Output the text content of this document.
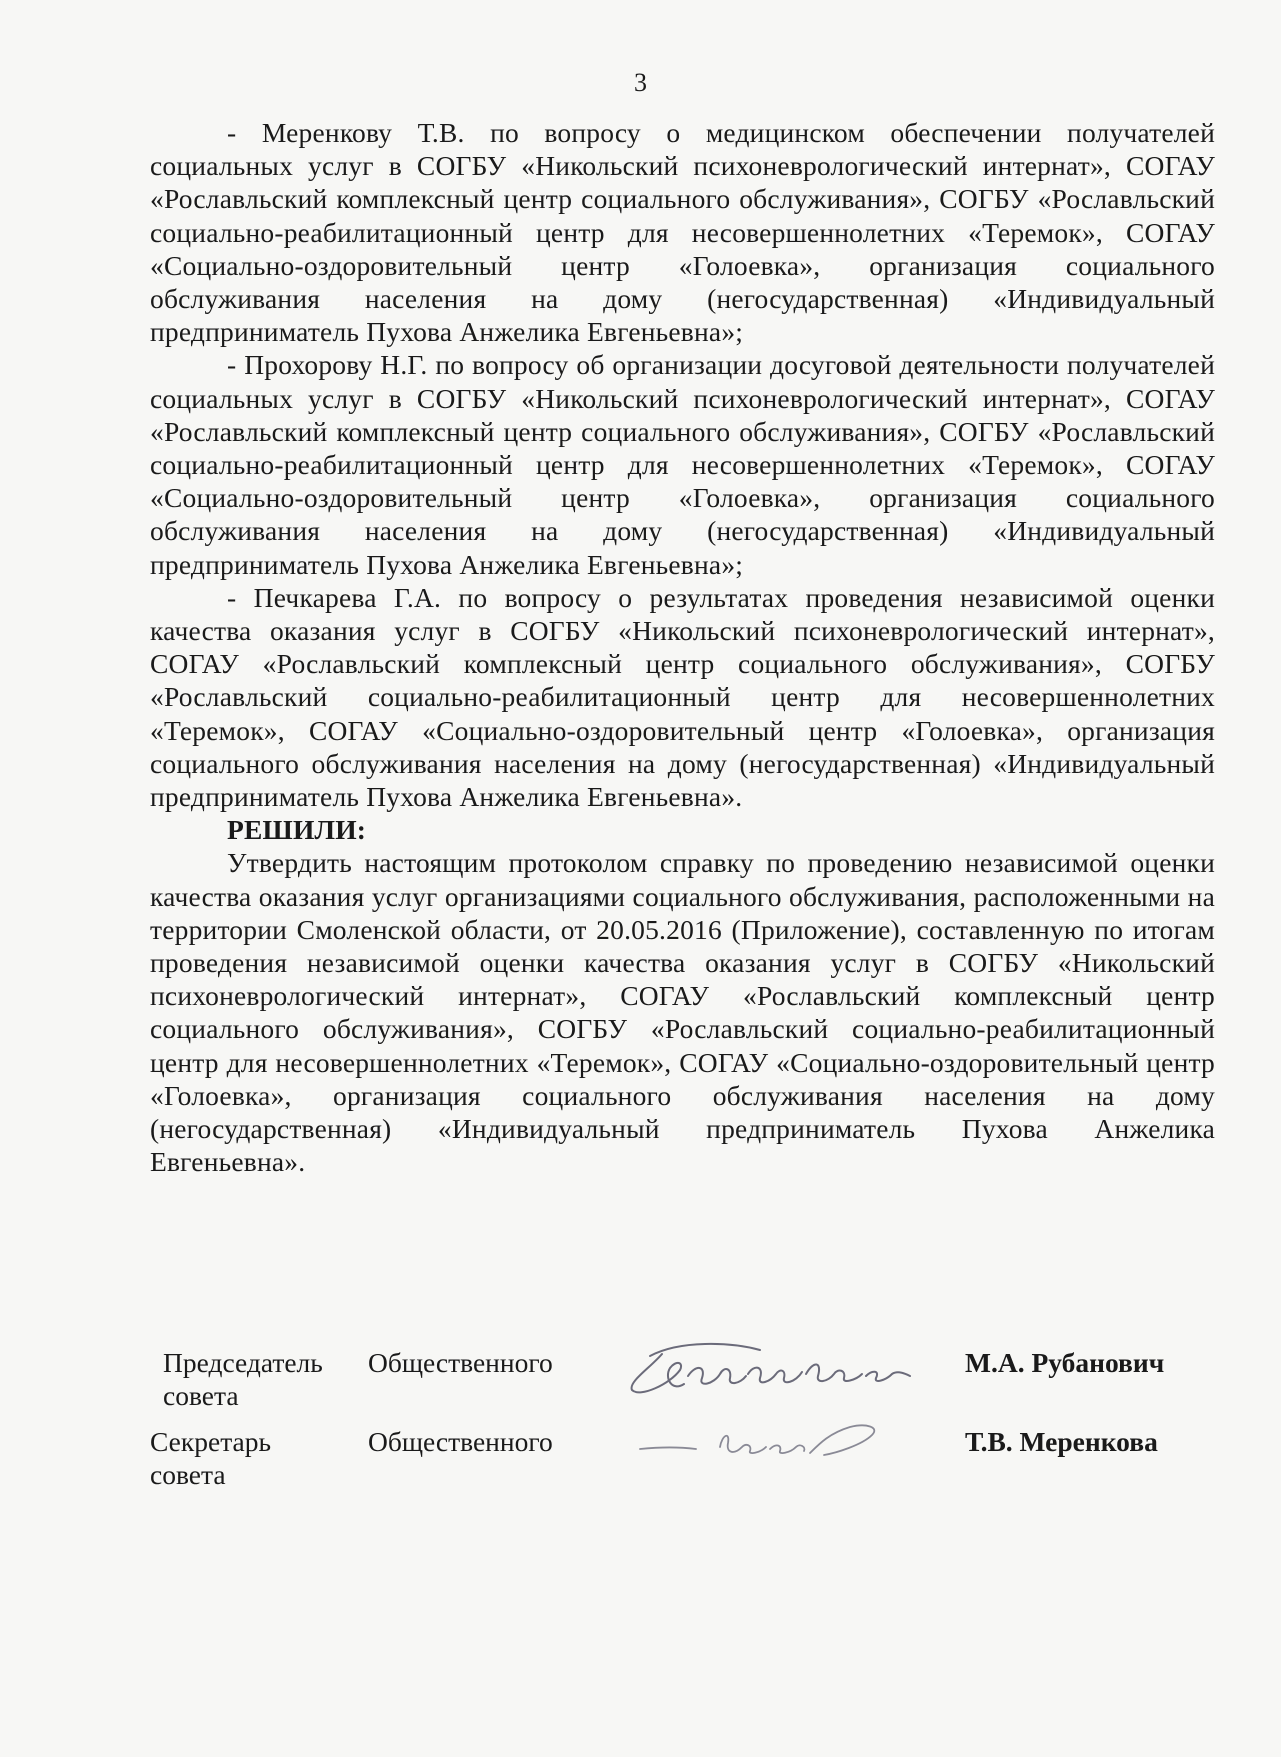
3

- Меренкову Т.В. по вопросу о медицинском обеспечении получателей социальных услуг в СОГБУ «Никольский психоневрологический интернат», СОГАУ «Рославльский комплексный центр социального обслуживания», СОГБУ «Рославльский социально-реабилитационный центр для несовершеннолетних «Теремок», СОГАУ «Социально-оздоровительный центр «Голоевка», организация социального обслуживания населения на дому (негосударственная) «Индивидуальный предприниматель Пухова Анжелика Евгеньевна»;

- Прохорову Н.Г. по вопросу об организации досуговой деятельности получателей социальных услуг в СОГБУ «Никольский психоневрологический интернат», СОГАУ «Рославльский комплексный центр социального обслуживания», СОГБУ «Рославльский социально-реабилитационный центр для несовершеннолетних «Теремок», СОГАУ «Социально-оздоровительный центр «Голоевка», организация социального обслуживания населения на дому (негосударственная) «Индивидуальный предприниматель Пухова Анжелика Евгеньевна»;

- Печкарева Г.А. по вопросу о результатах проведения независимой оценки качества оказания услуг в СОГБУ «Никольский психоневрологический интернат», СОГАУ «Рославльский комплексный центр социального обслуживания», СОГБУ «Рославльский социально-реабилитационный центр для несовершеннолетних «Теремок», СОГАУ «Социально-оздоровительный центр «Голоевка», организация социального обслуживания населения на дому (негосударственная) «Индивидуальный предприниматель Пухова Анжелика Евгеньевна».

РЕШИЛИ:

Утвердить настоящим протоколом справку по проведению независимой оценки качества оказания услуг организациями социального обслуживания, расположенными на территории Смоленской области, от 20.05.2016 (Приложение), составленную по итогам проведения независимой оценки качества оказания услуг в СОГБУ «Никольский психоневрологический интернат», СОГАУ «Рославльский комплексный центр социального обслуживания», СОГБУ «Рославльский социально-реабилитационный центр для несовершеннолетних «Теремок», СОГАУ «Социально-оздоровительный центр «Голоевка», организация социального обслуживания населения на дому (негосударственная) «Индивидуальный предприниматель Пухова Анжелика Евгеньевна».

Председатель Общественного
совета
М.А. Рубанович
Секретарь	Общественного
совета
Т.В. Меренкова
